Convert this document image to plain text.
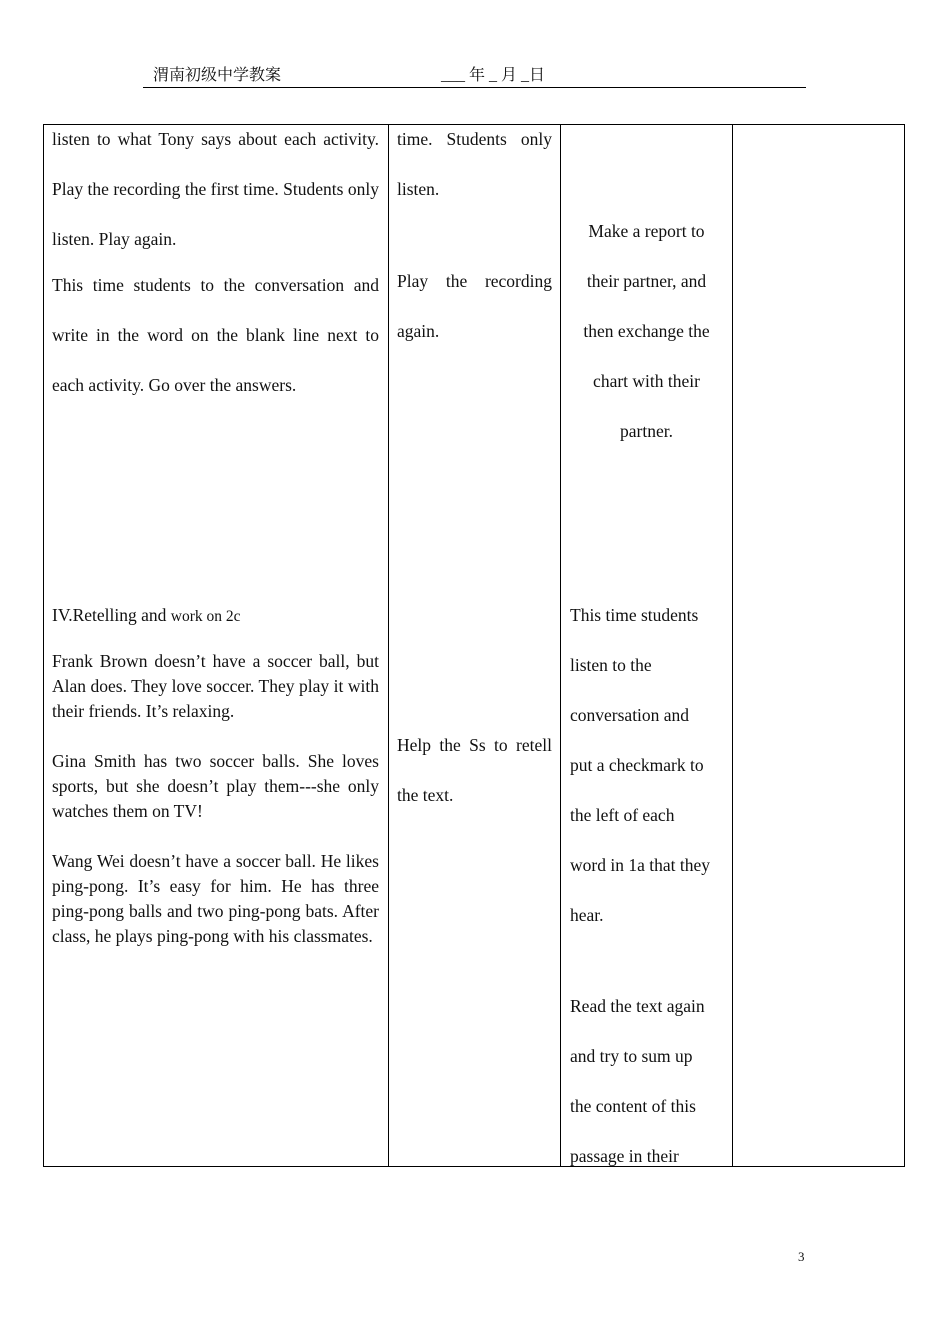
渭南初级中学教案	___ 年 _ 月 _日

listen to what Tony says about each activity. Play the recording the first time. Students only listen. Play again.

This time students to the conversation and write in the word on the blank line next to each activity. Go over the answers.

IV.Retelling and work on 2c

Frank Brown doesn’t have a soccer ball, but Alan does. They love soccer. They play it with their friends. It’s relaxing.

Gina Smith has two soccer balls. She loves sports, but she doesn’t play them---she only watches them on TV!

Wang Wei doesn’t have a soccer ball. He likes ping-pong. It’s easy for him. He has three ping-pong balls and two ping-pong bats. After class, he plays ping-pong with his classmates.

time. Students only listen.

Play the recording again.

Help the Ss to retell the text.

Make a report to
their partner, and
then exchange the
chart with their
partner.
This time students
listen to the
conversation and
put a checkmark to
the left of each
word in 1a that they
hear.
Read the text again
and try to sum up
the content of this
passage in their
3
